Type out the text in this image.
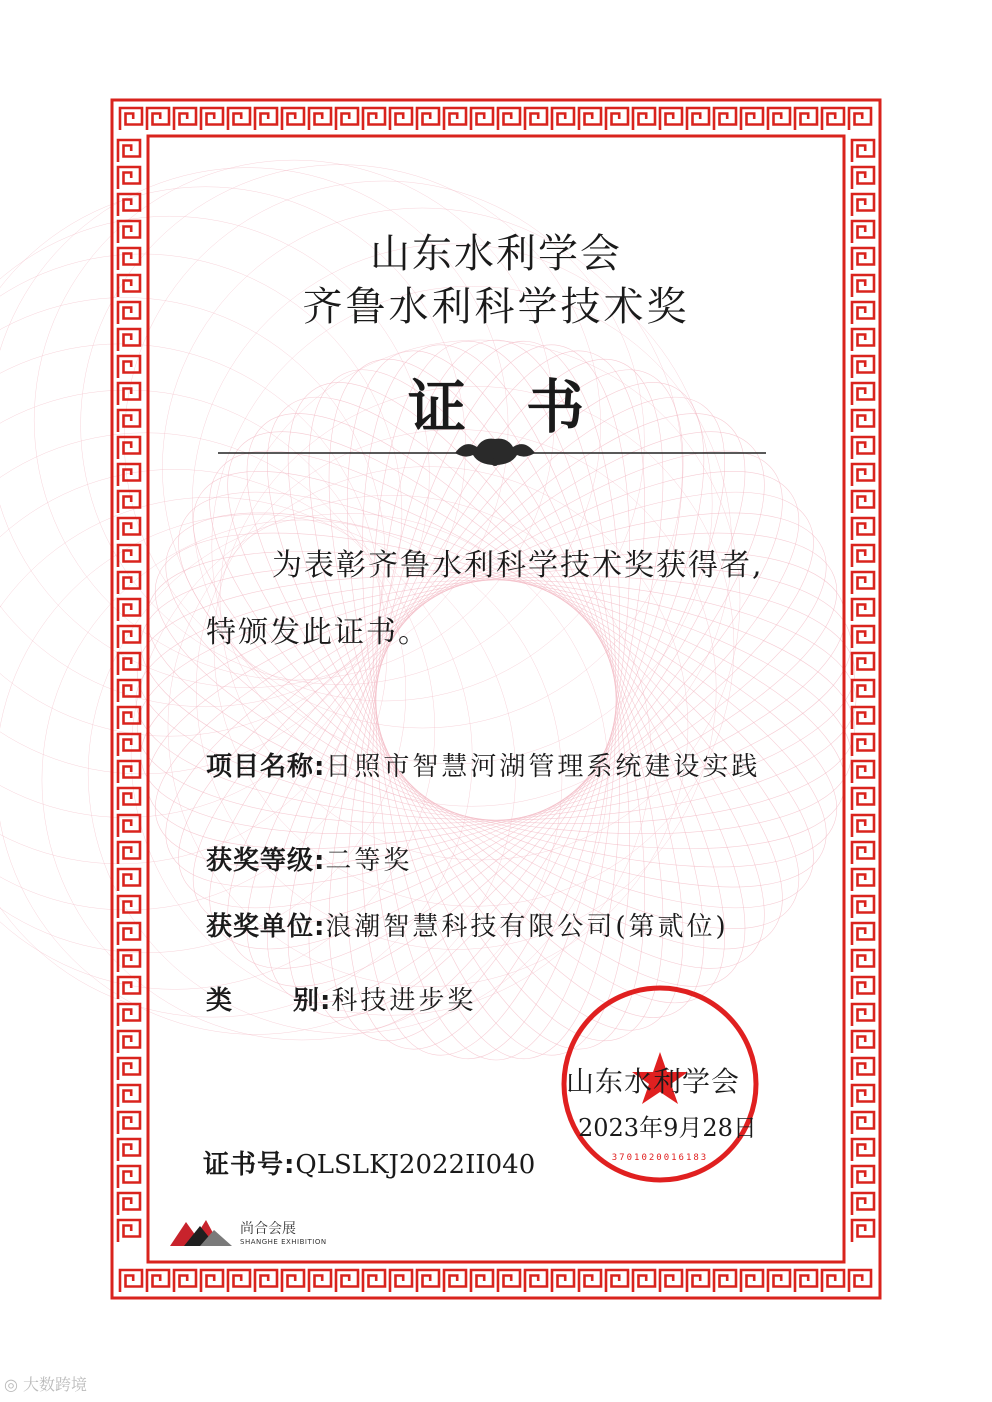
3701020016183
山东水利学会
齐鲁水利科学技术奖
证书
为表彰齐鲁水利科学技术奖获得者,
特颁发此证书。
项目名称:日照市智慧河湖管理系统建设实践
获奖等级:二等奖
获奖单位:浪潮智慧科技有限公司(第贰位)
类 别:科技进步奖
山东水利学会
2023年9月28日
证书号:QLSLKJ2022II040
尚合会展
SHANGHE EXHIBITION
◎ 大数跨境
